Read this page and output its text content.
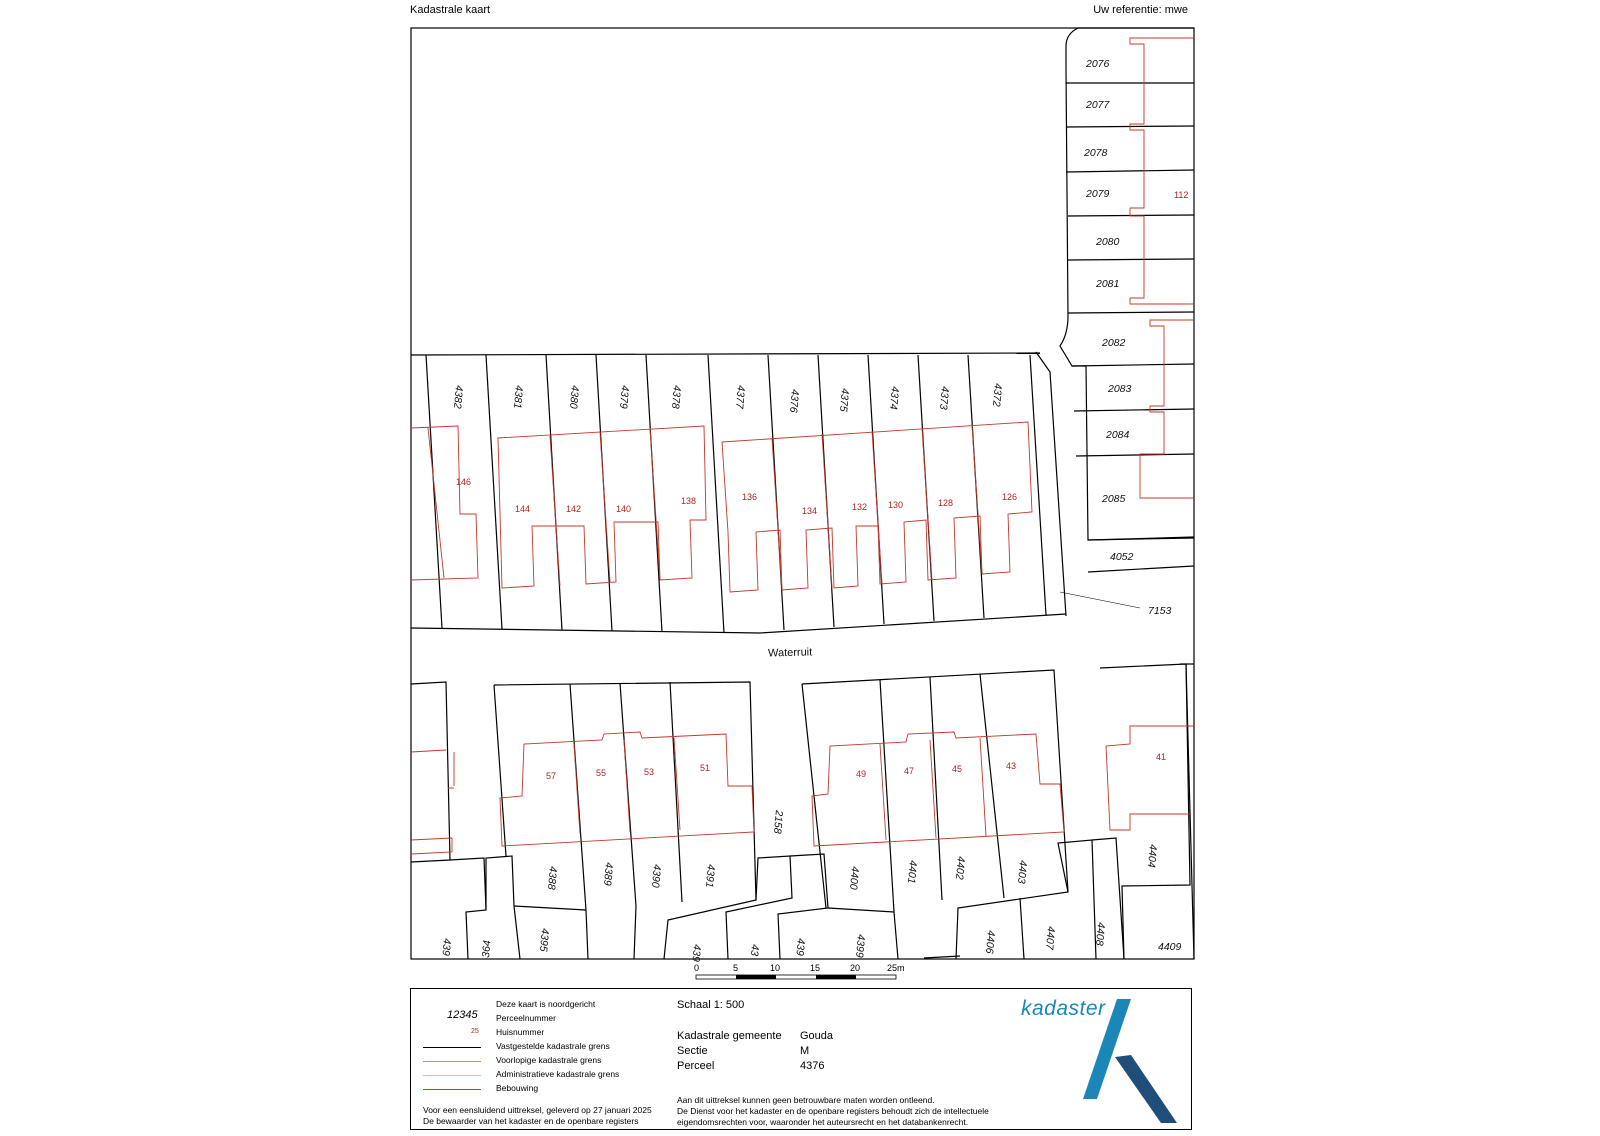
Kadastrale kaart	Uw referentie: mwe
4382	4381	4380	4379	4378	4377	4376	4375	4374	4373	4372
2076
2077
2078
2079
2080
2081
2082
2083
2084
2085
4052
7153
112
4388	4389	4390	4391
2158
4400	4401	4402	4403
4404
439	364	4395
439	43	439	4399	4406	4407	4408
4409
146
144	142	140
138	136
134	132 130	128
126
57	55	53	51
49	47	45	43
41
Waterruit
0	5	10	15	20	25m
Deze kaart is noordgericht
12345 Perceelnummer
25 Huisnummer
Vastgestelde kadastrale grens
Voorlopige kadastrale grens
Administratieve kadastrale grens
Bebouwing
Voor een eensluidend uittreksel, geleverd op 27 januari 2025
De bewaarder van het kadaster en de openbare registers
Schaal 1: 500
Kadastrale gemeente Gouda
Sectie	M
Perceel	4376
Aan dit uittreksel kunnen geen betrouwbare maten worden ontleend.
De Dienst voor het kadaster en de openbare registers behoudt zich de intellectuele
eigendomsrechten voor, waaronder het auteursrecht en het databankenrecht.
kadaster
